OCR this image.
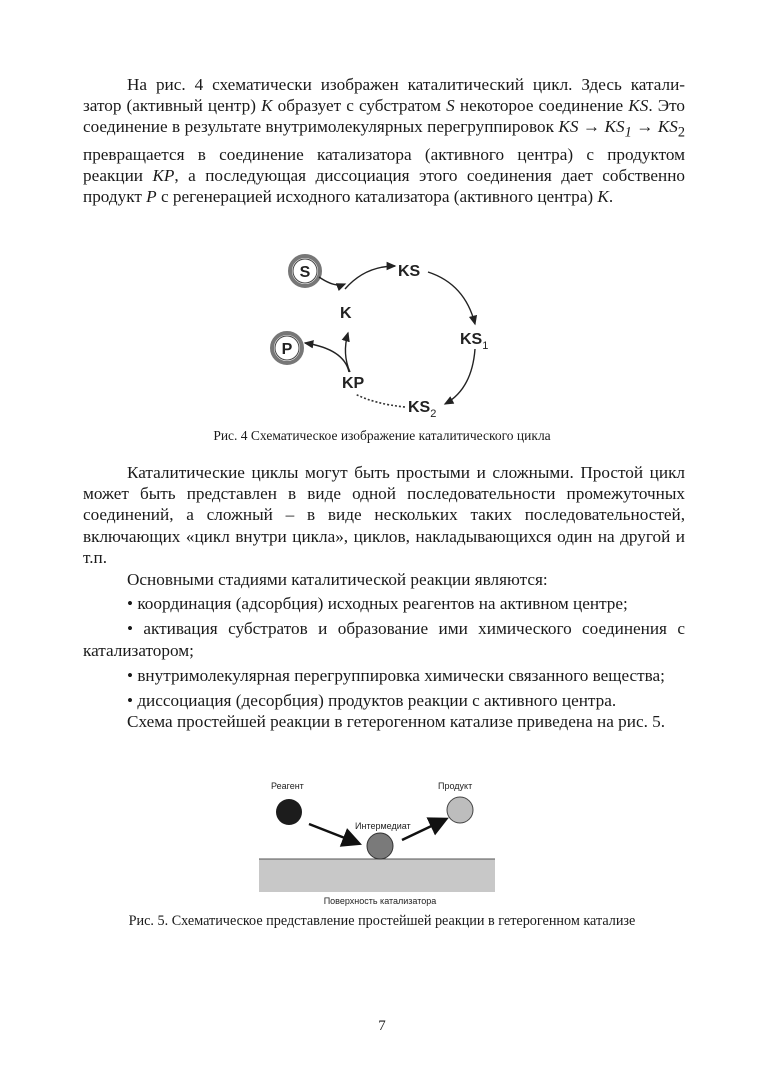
На рис. 4 схематически изображен каталитический цикл. Здесь катали- затор (активный центр) K образует с субстратом S некоторое соединение KS. Это соединение в результате внутримолекулярных перегруппировок KS → $KS_1 \to KS_2$ превращается в соединение катализатора (активного центра) с продуктом реакции KP, а последующая диссоциация этого соединения дает собственно продукт P с регенерацией исходного катализатора (активного центра) K.

S
P
K
KS
$KS_1$
$KS_2$
KP
Рис. 4 Схематическое изображение каталитического цикла

Каталитические циклы могут быть простыми и сложными. Простой цикл может быть представлен в виде одной последовательности промежуточных соединений, а сложный – в виде нескольких таких последовательностей, включающих «цикл внутри цикла», циклов, накладывающихся один на другой и т.п.

Основными стадиями каталитической реакции являются:

• координация (адсорбция) исходных реагентов на активном центре;

• активация субстратов и образование ими химического соединения с катализатором;

• внутримолекулярная перегруппировка химически связанного вещества;

• диссоциация (десорбция) продуктов реакции с активного центра.

Схема простейшей реакции в гетерогенном катализе приведена на рис. 5.

Реагент
Интермедиат
Продукт
Поверхность катализатора
Рис. 5. Схематическое представление простейшей реакции в гетерогенном катализе
7
